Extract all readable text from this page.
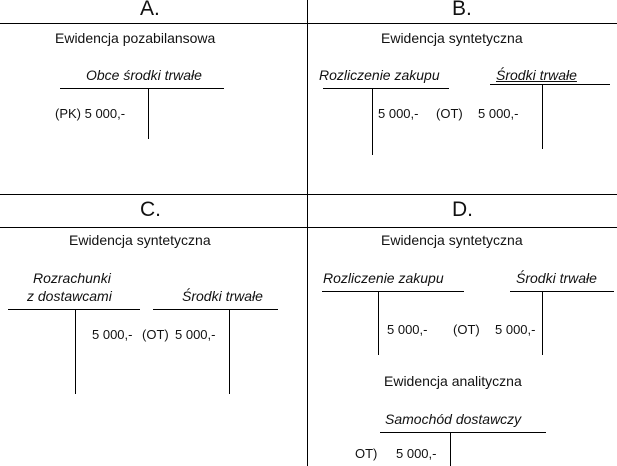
A.
Ewidencja pozabilansowa
Obce środki trwałe
(PK) 5 000,-
B.
Ewidencja syntetyczna
Rozliczenie zakupu	Środki trwałe
5 000,- (OT) 5 000,-
C.
Ewidencja syntetyczna
Rozrachunki
z dostawcami	Środki trwałe
5 000,- (OT) 5 000,-
D.
Ewidencja syntetyczna
Rozliczenie zakupu	Środki trwałe
5 000,- (OT) 5 000,-
Ewidencja analityczna
Samochód dostawczy
OT) 5 000,-
